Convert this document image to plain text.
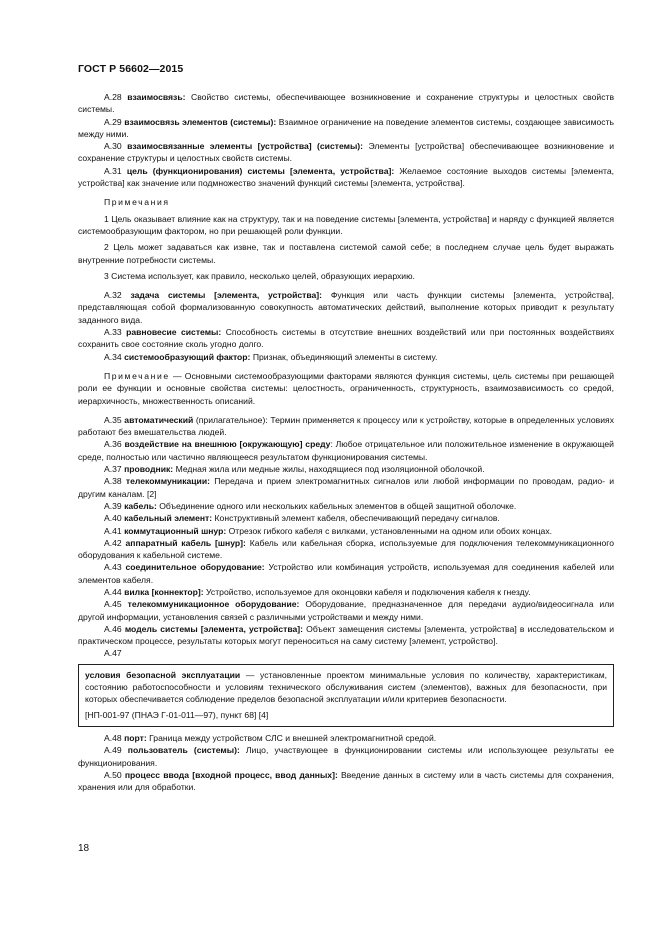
ГОСТ Р 56602—2015

А.28 взаимосвязь: Свойство системы, обеспечивающее возникновение и сохранение структуры и целостных свойств системы.

А.29 взаимосвязь элементов (системы): Взаимное ограничение на поведение элементов системы, создающее зависимость между ними.

А.30 взаимосвязанные элементы [устройства] (системы): Элементы [устройства] обеспечивающее возникновение и сохранение структуры и целостных свойств системы.

А.31 цель (функционирования) системы [элемента, устройства]: Желаемое состояние выходов системы [элемента, устройства] как значение или подмножество значений функций системы [элемента, устройства].

Примечания

1 Цель оказывает влияние как на структуру, так и на поведение системы [элемента, устройства] и наряду с функцией является системообразующим фактором, но при решающей роли функции.

2 Цель может задаваться как извне, так и поставлена системой самой себе; в последнем случае цель будет выражать внутренние потребности системы.

3 Система использует, как правило, несколько целей, образующих иерархию.

А.32 задача системы [элемента, устройства]: Функция или часть функции системы [элемента, устройства], представляющая собой формализованную совокупность автоматических действий, выполнение которых приводит к результату заданного вида.

А.33 равновесие системы: Способность системы в отсутствие внешних воздействий или при постоянных воздействиях сохранить свое состояние сколь угодно долго.

А.34 системообразующий фактор: Признак, объединяющий элементы в систему.

Примечание — Основными системообразующими факторами являются функция системы, цель системы при решающей роли ее функции и основные свойства системы: целостность, ограниченность, структурность, взаимозависимость со средой, иерархичность, множественность описаний.

А.35 автоматический (прилагательное): Термин применяется к процессу или к устройству, которые в определенных условиях работают без вмешательства людей.

А.36 воздействие на внешнюю [окружающую] среду: Любое отрицательное или положительное изменение в окружающей среде, полностью или частично являющееся результатом функционирования системы.

А.37 проводник: Медная жила или медные жилы, находящиеся под изоляционной оболочкой.

А.38 телекоммуникации: Передача и прием электромагнитных сигналов или любой информации по проводам, радио- и другим каналам. [2]

А.39 кабель: Объединение одного или нескольких кабельных элементов в общей защитной оболочке.

А.40 кабельный элемент: Конструктивный элемент кабеля, обеспечивающий передачу сигналов.

А.41 коммутационный шнур: Отрезок гибкого кабеля с вилками, установленными на одном или обоих концах.

А.42 аппаратный кабель [шнур]: Кабель или кабельная сборка, используемые для подключения телекоммуникационного оборудования к кабельной системе.

А.43 соединительное оборудование: Устройство или комбинация устройств, используемая для соединения кабелей или элементов кабеля.

А.44 вилка [коннектор]: Устройство, используемое для оконцовки кабеля и подключения кабеля к гнезду.

А.45 телекоммуникационное оборудование: Оборудование, предназначенное для передачи аудио/видеосигнала или другой информации, установления связей с различными устройствами и между ними.

А.46 модель системы [элемента, устройства]: Объект замещения системы [элемента, устройства] в исследовательском и практическом процессе, результаты которых могут переноситься на саму систему [элемент, устройство].

А.47

условия безопасной эксплуатации — установленные проектом минимальные условия по количеству, характеристикам, состоянию работоспособности и условиям технического обслуживания систем (элементов), важных для безопасности, при которых обеспечивается соблюдение пределов безопасной эксплуатации и/или критериев безопасности.

[НП-001-97 (ПНАЭ Г-01-011—97), пункт 68] [4]

А.48 порт: Граница между устройством СЛС и внешней электромагнитной средой.

А.49 пользователь (системы): Лицо, участвующее в функционировании системы или использующее результаты ее функционирования.

А.50 процесс ввода [входной процесс, ввод данных]: Введение данных в систему или в часть системы для сохранения, хранения или для обработки.

18
